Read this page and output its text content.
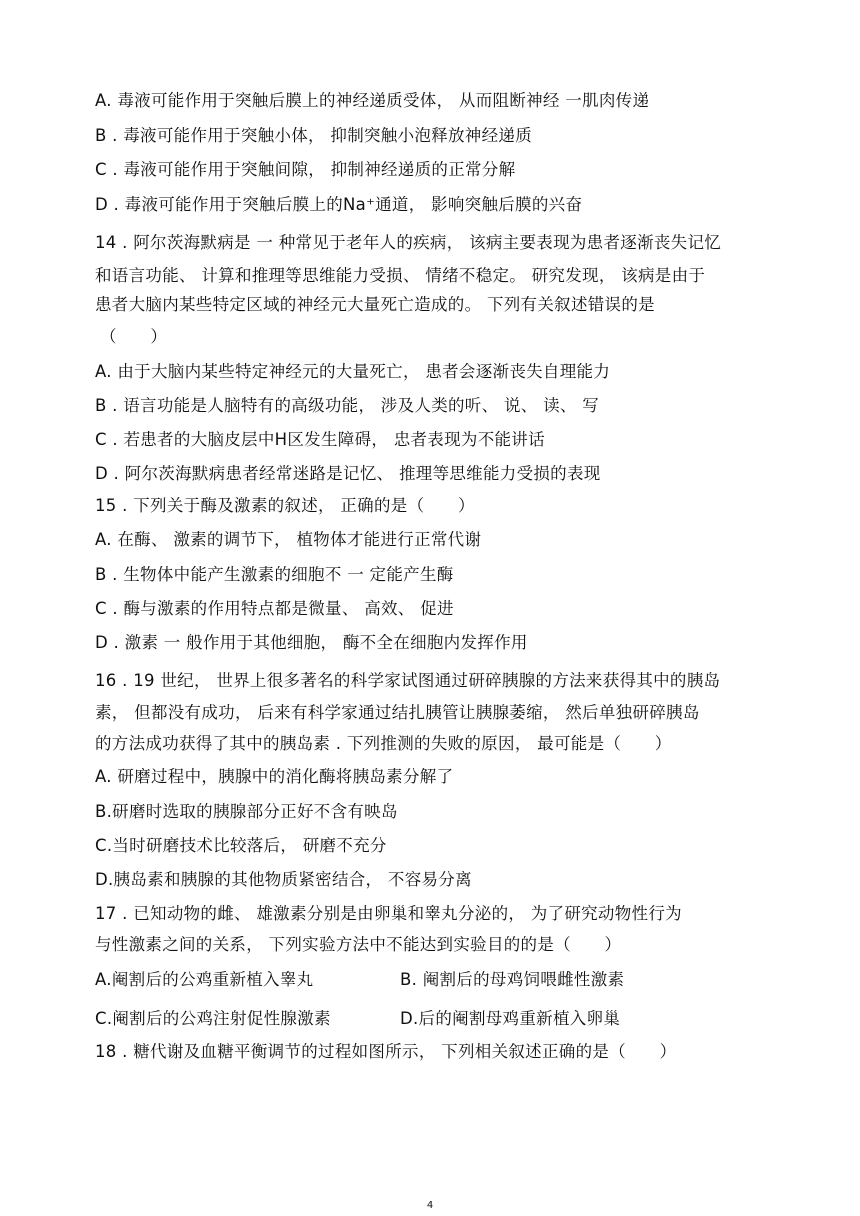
A. 毒液可能作用于突触后膜上的神经递质受体， 从而阻断神经 一肌肉传递
B . 毒液可能作用于突触小体， 抑制突触小泡释放神经递质
C . 毒液可能作用于突触间隙， 抑制神经递质的正常分解
D . 毒液可能作用于突触后膜上的Na⁺通道， 影响突触后膜的兴奋
14 . 阿尔茨海默病是 一 种常见于老年人的疾病， 该病主要表现为患者逐渐丧失记忆
和语言功能、 计算和推理等思维能力受损、 情绪不稳定。 研究发现， 该病是由于
患者大脑内某些特定区域的神经元大量死亡造成的。 下列有关叙述错误的是
（　　）
A. 由于大脑内某些特定神经元的大量死亡， 患者会逐渐丧失自理能力
B . 语言功能是人脑特有的高级功能， 涉及人类的听、 说、 读、 写
C . 若患者的大脑皮层中H区发生障碍， 忠者表现为不能讲话
D . 阿尔茨海默病患者经常迷路是记忆、 推理等思维能力受损的表现
15 . 下列关于酶及激素的叙述， 正确的是（　　）
A. 在酶、 激素的调节下， 植物体才能进行正常代谢
B . 生物体中能产生激素的细胞不 一 定能产生酶
C . 酶与激素的作用特点都是微量、 高效、 促进
D . 激素 一 般作用于其他细胞， 酶不全在细胞内发挥作用
16 . 19 世纪， 世界上很多著名的科学家试图通过研碎胰腺的方法来获得其中的胰岛
素， 但都没有成功， 后来有科学家通过结扎胰管让胰腺萎缩， 然后单独研碎胰岛
的方法成功获得了其中的胰岛素 . 下列推测的失败的原因， 最可能是（　　）
A. 研磨过程中，胰腺中的消化酶将胰岛素分解了
B.研磨时选取的胰腺部分正好不含有映岛
C.当时研磨技术比较落后， 研磨不充分
D.胰岛素和胰腺的其他物质紧密结合， 不容易分离
17 . 已知动物的雌、 雄激素分别是由卵巢和睾丸分泌的， 为了研究动物性行为
与性激素之间的关系， 下列实验方法中不能达到实验目的的是（　　）
A.阉割后的公鸡重新植入睾丸	B. 阉割后的母鸡饲喂雌性激素
C.阉割后的公鸡注射促性腺激素	D.后的阉割母鸡重新植入卵巢
18 . 糖代谢及血糖平衡调节的过程如图所示， 下列相关叙述正确的是（　　）
4
